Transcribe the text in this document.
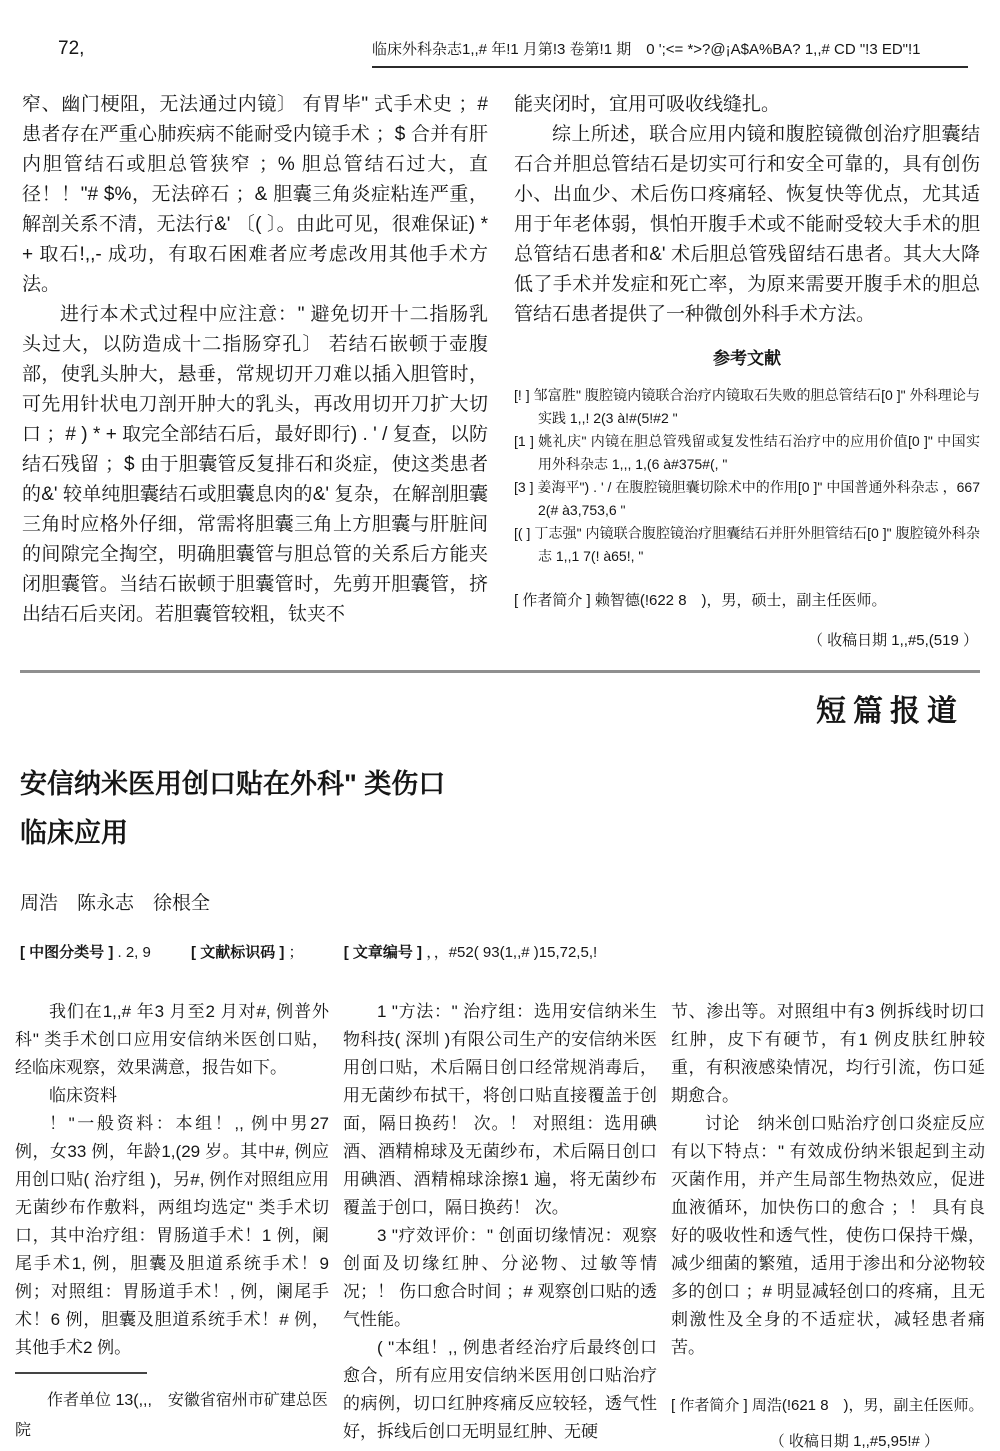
72,	临床外科杂志1,,# 年!1 月第!3 卷第!1 期　0 ';<= *>?@¡A$A%BA? 1,,# CD "!3 ED"!1

窄、幽门梗阻，无法通过内镜〕 有胃毕" 式手术史 ；# 患者存在严重心肺疾病不能耐受内镜手术 ；$ 合并有肝内胆管结石或胆总管狭窄 ；% 胆总管结石过大，直径！！"# $%，无法碎石 ；& 胆囊三角炎症粘连严重，解剖关系不清，无法行&' 〔( 〕。由此可见，很难保证) * + 取石!,,- 成功，有取石困难者应考虑改用其他手术方法。

进行本术式过程中应注意：" 避免切开十二指肠乳头过大，以防造成十二指肠穿孔〕 若结石嵌顿于壶腹部，使乳头肿大，悬垂，常规切开刀难以插入胆管时，可先用针状电刀剖开肿大的乳头，再改用切开刀扩大切口 ；# ) * + 取完全部结石后，最好即行) . ' / 复查，以防结石残留 ；$ 由于胆囊管反复排石和炎症，使这类患者的&' 较单纯胆囊结石或胆囊息肉的&' 复杂，在解剖胆囊三角时应格外仔细，常需将胆囊三角上方胆囊与肝脏间的间隙完全掏空，明确胆囊管与胆总管的关系后方能夹闭胆囊管。当结石嵌顿于胆囊管时，先剪开胆囊管，挤出结石后夹闭。若胆囊管较粗，钛夹不

能夹闭时，宜用可吸收线缝扎。

综上所述，联合应用内镜和腹腔镜微创治疗胆囊结石合并胆总管结石是切实可行和安全可靠的，具有创伤小、出血少、术后伤口疼痛轻、恢复快等优点，尤其适用于年老体弱，惧怕开腹手术或不能耐受较大手术的胆总管结石患者和&' 术后胆总管残留结石患者。其大大降低了手术并发症和死亡率，为原来需要开腹手术的胆总管结石患者提供了一种微创外科手术方法。

参考文献

[! ] 邹富胜" 腹腔镜内镜联合治疗内镜取石失败的胆总管结石[0 ]" 外科理论与实践 1,,! 2(3 à!#(5!#2 "

[1 ] 姚礼庆" 内镜在胆总管残留或复发性结石治疗中的应用价值[0 ]" 中国实用外科杂志 1,,, 1,(6 à#375#(, "

[3 ] 姜海平") . ' / 在腹腔镜胆囊切除术中的作用[0 ]" 中国普通外科杂志 ，667 2(# à3,753,6 "

[( ] 丁志强" 内镜联合腹腔镜治疗胆囊结石并肝外胆管结石[0 ]" 腹腔镜外科杂志 1,,1 7(! à65!, "

[ 作者简介 ] 赖智德(!622 8　)，男，硕士，副主任医师。

（ 收稿日期 1,,#5,(519 ）

短篇报道
安信纳米医用创口贴在外科" 类伤口
临床应用
周浩　陈永志　徐根全
[ 中图分类号 ] . 2, 9	[ 文献标识码 ] ；	[ 文章编号 ] ，，#52( 93(1,,# )15,72,5,!

我们在1,,# 年3 月至2 月对#, 例普外科" 类手术创口应用安信纳米医创口贴，经临床观察，效果满意，报告如下。

临床资料

！"一般资料：本组！,, 例中男27 例，女33 例，年龄1,(29 岁。其中#, 例应用创口贴( 治疗组 )，另#, 例作对照组应用无菌纱布作敷料，两组均选定" 类手术切口，其中治疗组：胃肠道手术！1 例，阑尾手术1, 例，胆囊及胆道系统手术！9 例；对照组：胃肠道手术！, 例，阑尾手术！6 例，胆囊及胆道系统手术！# 例，其他手术2 例。

作者单位 13(,,,　安徽省宿州市矿建总医院

1 "方法：" 治疗组：选用安信纳米生物科技( 深圳 )有限公司生产的安信纳米医用创口贴，术后隔日创口经常规消毒后，用无菌纱布拭干，将创口贴直接覆盖于创面，隔日换药！ 次。！ 对照组：选用碘酒、酒精棉球及无菌纱布，术后隔日创口用碘酒、酒精棉球涂擦1 遍，将无菌纱布覆盖于创口，隔日换药！ 次。

3 "疗效评价：" 创面切缘情况：观察创面及切缘红肿、分泌物、过敏等情况；！ 伤口愈合时间 ；# 观察创口贴的透气性能。

( "本组！,, 例患者经治疗后最终创口愈合，所有应用安信纳米医用创口贴治疗的病例，切口红肿疼痛反应较轻，透气性好，拆线后创口无明显红肿、无硬

节、渗出等。对照组中有3 例拆线时切口红肿，皮下有硬节，有1 例皮肤红肿较重，有积液感染情况，均行引流，伤口延期愈合。

讨论　纳米创口贴治疗创口炎症反应有以下特点：" 有效成份纳米银起到主动灭菌作用，并产生局部生物热效应，促进血液循环，加快伤口的愈合 ；！ 具有良好的吸收性和透气性，使伤口保持干燥，减少细菌的繁殖，适用于渗出和分泌物较多的创口 ；# 明显减轻创口的疼痛，且无刺激性及全身的不适症状，减轻患者痛苦。

[ 作者简介 ] 周浩(!621 8　)，男，副主任医师。

（ 收稿日期 1,,#5,95!# ）
